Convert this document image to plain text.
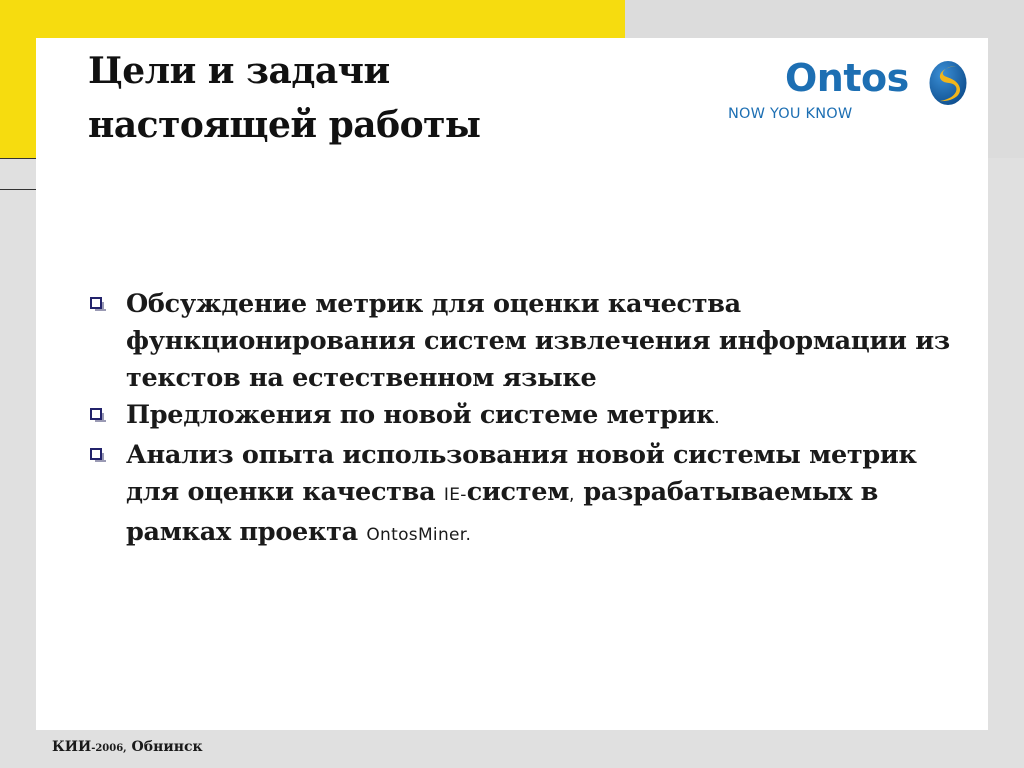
Цели и задачи
настоящей работы
Ontos
NOW YOU KNOW
Обсуждение метрик для оценки качества функционирования систем извлечения информации из текстов на естественном языке
Предложения по новой системе метрик.
Анализ опыта использования новой системы метрик для оценки качества IE-систем, разрабатываемых в рамках проекта OntosMiner.
КИИ-2006, Обнинск
